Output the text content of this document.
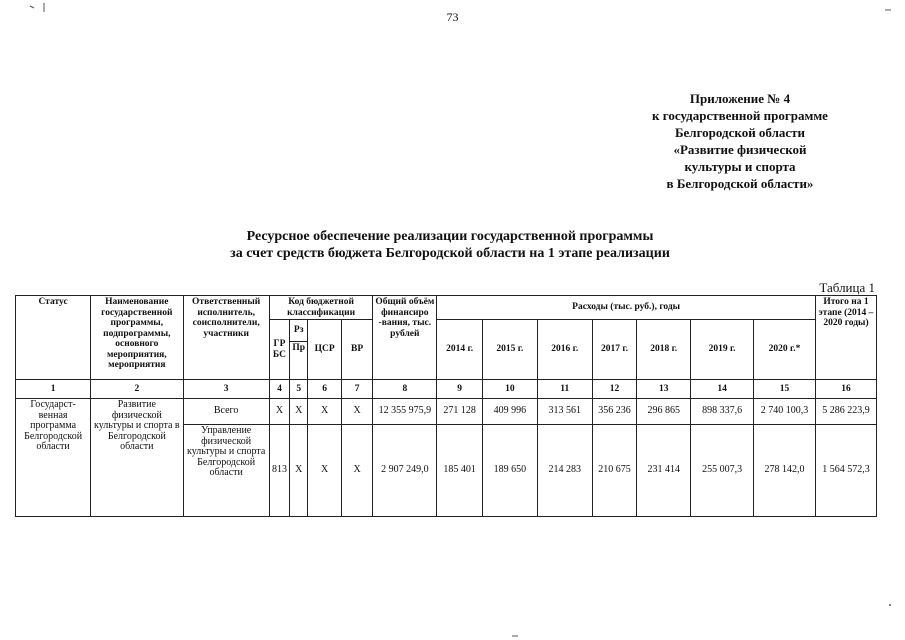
73
Приложение № 4
к государственной программе
Белгородской области
«Развитие физической
культуры и спорта
в Белгородской области»
Ресурсное обеспечение реализации государственной программы
за счет средств бюджета Белгородской области на 1 этапе реализации
Таблица 1
Статус	Наименование государственной программы, подпрограммы, основного мероприятия, мероприятия	Ответственный исполнитель, соисполнители, участники	Код бюджетной классификации				Общий объём финансиро -вания, тыс. рублей	Расходы (тыс. руб.), годы							Итого на 1 этапе (2014 – 2020 годы)
			ГР БС	Рз	ЦСР	ВР		2014 г.	2015 г.	2016 г.	2017 г.	2018 г.	2019 г.	2020 г.*	
				Пр											
1	2	3	4	5	6	7	8	9	10	11	12	13	14	15	16
Государст-венная программа Белгородской области	Развитие физической культуры и спорта в Белгородской области	Всего	Х	Х	Х	Х	12 355 975,9	271 128	409 996	313 561	356 236	296 865	898 337,6	2 740 100,3	5 286 223,9
		Управление физической культуры и спорта Белгородской области	813	Х	Х	Х	2 907 249,0	185 401	189 650	214 283	210 675	231 414	255 007,3	278 142,0	1 564 572,3
